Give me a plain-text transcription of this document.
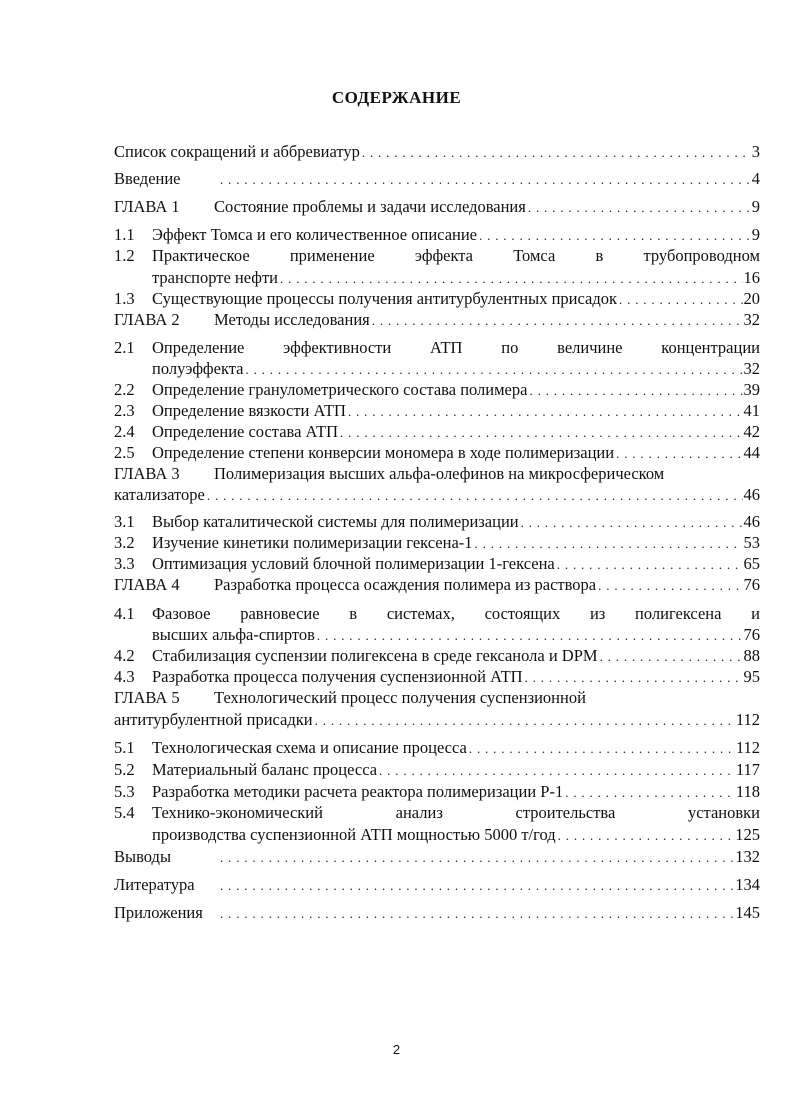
СОДЕРЖАНИЕ
Список сокращений и аббревиатур . . .	3
Введение . . .	4
ГЛАВА 1	Состояние проблемы и задачи исследования . . .	9
1.1	Эффект Томса и его количественное описание . . .	9
1.2	Практическое применение эффекта Томса в трубопроводном
транспорте нефти . . .	16
1.3	Существующие процессы получения антитурбулентных присадок . . .	20
ГЛАВА 2	Методы исследования . . .	32
2.1	Определение эффективности АТП по величине концентрации
полуэффекта . . .	32
2.2	Определение гранулометрического состава полимера . . .	39
2.3	Определение вязкости АТП . . .	41
2.4	Определение состава АТП . . .	42
2.5	Определение степени конверсии мономера в ходе полимеризации . . .	44
ГЛАВА 3	Полимеризация высших альфа-олефинов на микросферическом
катализаторе . . .	46
3.1	Выбор каталитической системы для полимеризации . . .	46
3.2	Изучение кинетики полимеризации гексена-1 . . .	53
3.3	Оптимизация условий блочной полимеризации 1-гексена . . .	65
ГЛАВА 4	Разработка процесса осаждения полимера из раствора . . .	76
4.1	Фазовое равновесие в системах, состоящих из полигексена и
высших альфа-спиртов . . .	76
4.2	Стабилизация суспензии полигексена в среде гексанола и DPM . . .	88
4.3	Разработка процесса получения суспензионной АТП . . .	95
ГЛАВА 5	Технологический процесс получения суспензионной
антитурбулентной присадки . . .	112
5.1	Технологическая схема и описание процесса . . .	112
5.2	Материальный баланс процесса . . .	117
5.3	Разработка методики расчета реактора полимеризации Р-1 . . .	118
5.4	Технико-экономический анализ строительства установки
производства суспензионной АТП мощностью 5000 т/год . . .	125
Выводы . . .	132
Литература . . .	134
Приложения . . .	145
2
